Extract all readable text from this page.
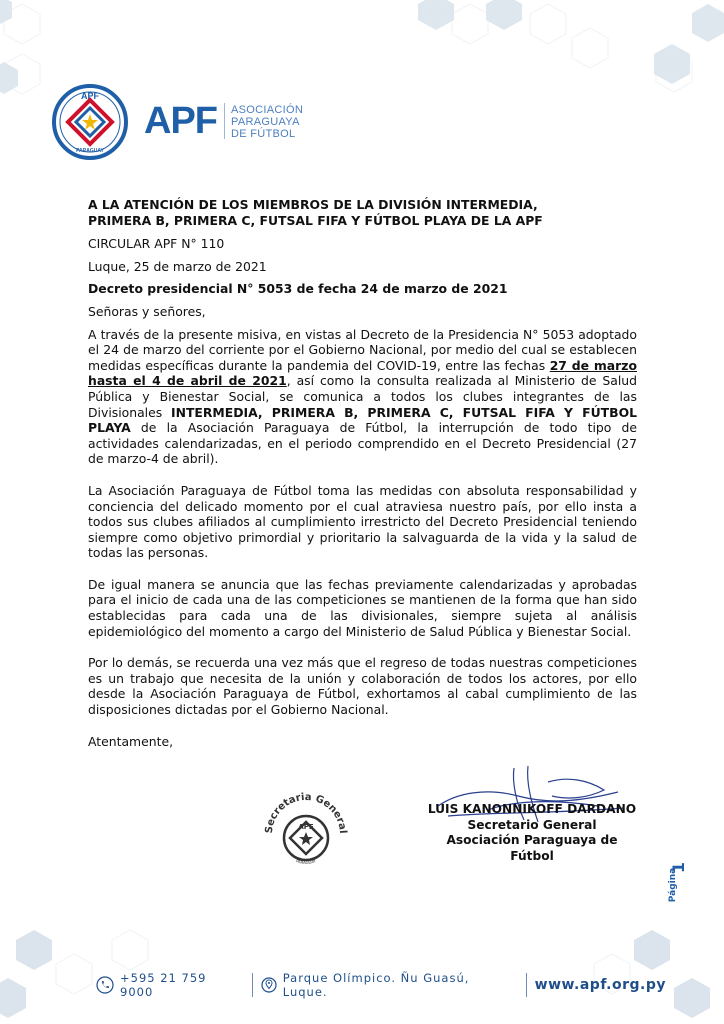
APF
PARAGUAY
APF ASOCIACIÓN
PARAGUAYA
DE FÚTBOL

A LA ATENCIÓN DE LOS MIEMBROS DE LA DIVISIÓN INTERMEDIA,
PRIMERA B, PRIMERA C, FUTSAL FIFA Y FÚTBOL PLAYA DE LA APF

CIRCULAR APF N° 110

Luque, 25 de marzo de 2021

Decreto presidencial N° 5053 de fecha 24 de marzo de 2021

Señoras y señores,

A través de la presente misiva, en vistas al Decreto de la Presidencia N° 5053 adoptado el 24 de marzo del corriente por el Gobierno Nacional, por medio del cual se establecen medidas específicas durante la pandemia del COVID-19, entre las fechas 27 de marzo hasta el 4 de abril de 2021, así como la consulta realizada al Ministerio de Salud Pública y Bienestar Social, se comunica a todos los clubes integrantes de las Divisionales INTERMEDIA, PRIMERA B, PRIMERA C, FUTSAL FIFA Y FÚTBOL PLAYA de la Asociación Paraguaya de Fútbol, la interrupción de todo tipo de actividades calendarizadas, en el periodo comprendido en el Decreto Presidencial (27 de marzo-4 de abril).

La Asociación Paraguaya de Fútbol toma las medidas con absoluta responsabilidad y conciencia del delicado momento por el cual atraviesa nuestro país, por ello insta a todos sus clubes afiliados al cumplimiento irrestricto del Decreto Presidencial teniendo siempre como objetivo primordial y prioritario la salvaguarda de la vida y la salud de todas las personas.

De igual manera se anuncia que las fechas previamente calendarizadas y aprobadas para el inicio de cada una de las competiciones se mantienen de la forma que han sido establecidas para cada una de las divisionales, siempre sujeta al análisis epidemiológico del momento a cargo del Ministerio de Salud Pública y Bienestar Social.

Por lo demás, se recuerda una vez más que el regreso de todas nuestras competiciones es un trabajo que necesita de la unión y colaboración de todos los actores, por ello desde la Asociación Paraguaya de Fútbol, exhortamos al cabal cumplimiento de las disposiciones dictadas por el Gobierno Nacional.

Atentamente,

LUIS KANONNIKOFF DARDANO
Secretario General
Asociación Paraguaya de Fútbol
Secretaria General
APF
PARAGUAY
Página
1
+595 21 759 9000
Parque Olímpico. Ñu Guasú, Luque.	www.apf.org.py
